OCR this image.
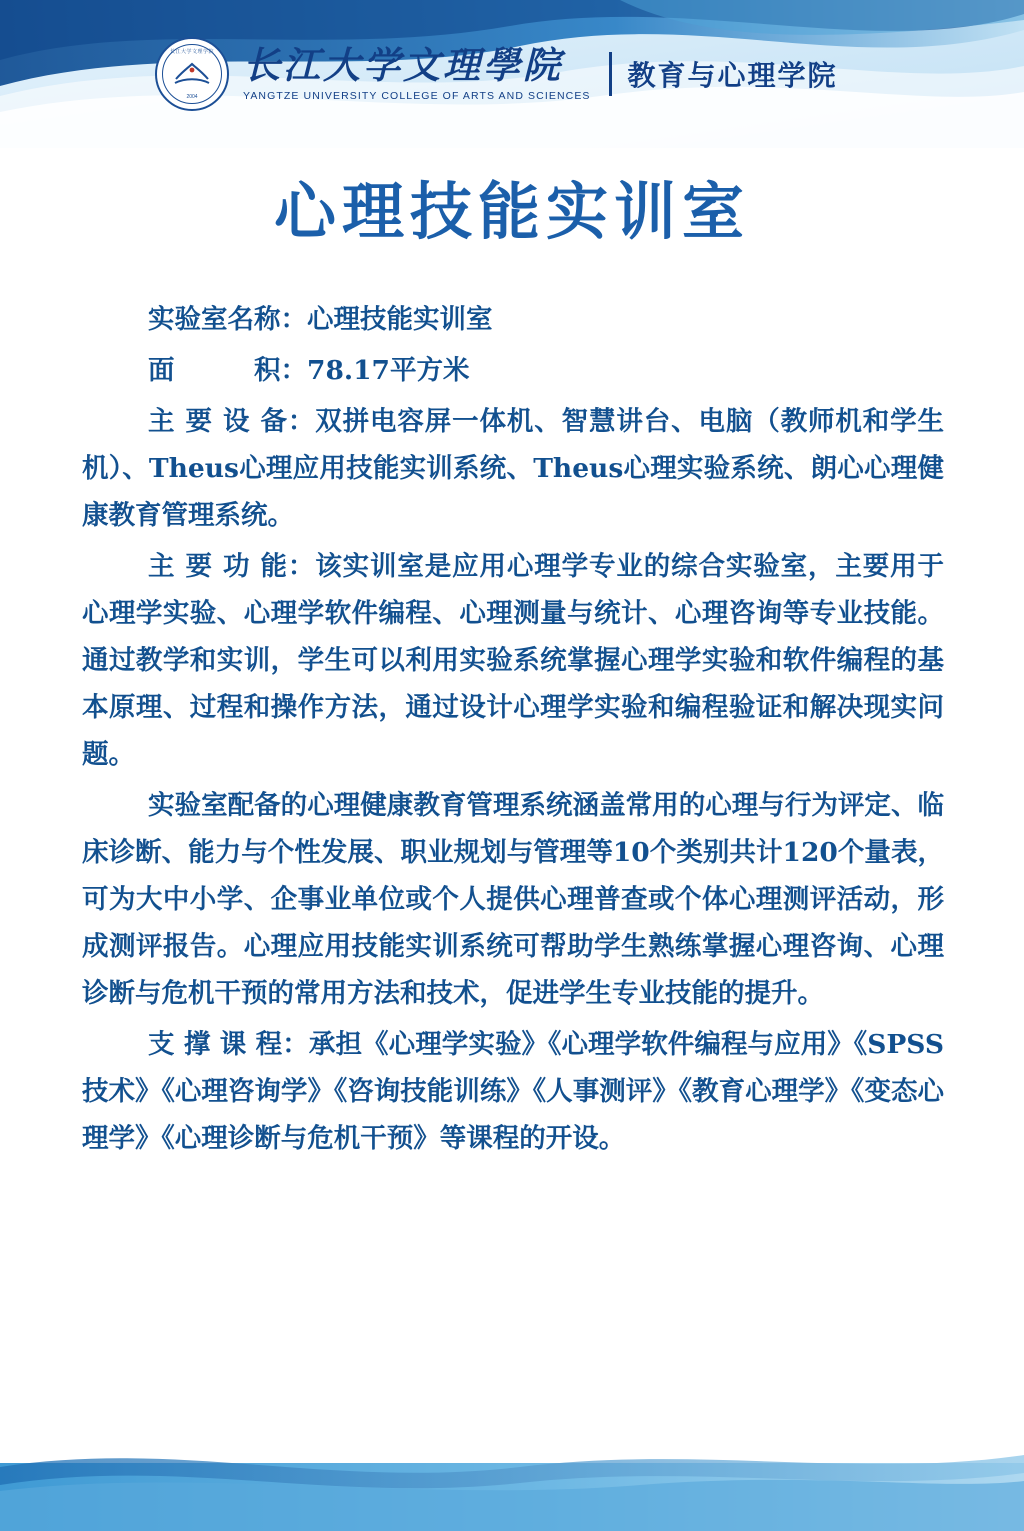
长江大学文理学院
2004
长江大学文理學院
YANGTZE UNIVERSITY COLLEGE OF ARTS AND SCIENCES
教育与心理学院
心理技能实训室

实验室名称：心理技能实训室

面　　　积：78.17平方米

主 要 设 备：双拼电容屏一体机、智慧讲台、电脑（教师机和学生机）、Theus心理应用技能实训系统、Theus心理实验系统、朗心心理健康教育管理系统。

主 要 功 能：该实训室是应用心理学专业的综合实验室，主要用于心理学实验、心理学软件编程、心理测量与统计、心理咨询等专业技能。通过教学和实训，学生可以利用实验系统掌握心理学实验和软件编程的基本原理、过程和操作方法，通过设计心理学实验和编程验证和解决现实问题。

实验室配备的心理健康教育管理系统涵盖常用的心理与行为评定、临床诊断、能力与个性发展、职业规划与管理等10个类别共计120个量表，可为大中小学、企事业单位或个人提供心理普查或个体心理测评活动，形成测评报告。心理应用技能实训系统可帮助学生熟练掌握心理咨询、心理诊断与危机干预的常用方法和技术，促进学生专业技能的提升。

支 撑 课 程：承担《心理学实验》《心理学软件编程与应用》《SPSS技术》《心理咨询学》《咨询技能训练》《人事测评》《教育心理学》《变态心理学》《心理诊断与危机干预》等课程的开设。
